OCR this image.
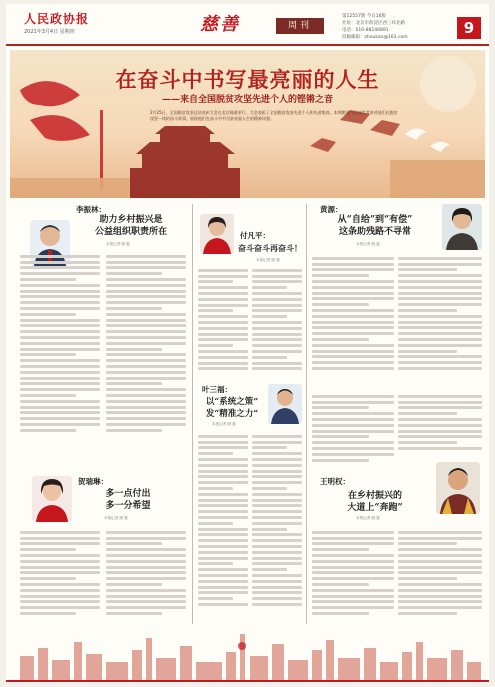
人民政协报
2021年3月4日 星期四	慈善	周刊
第12557期 今日16版
社址：北京市海淀区西三环北路
电话：010-88146891
投稿邮箱：zhoukan@163.com
9
在奋斗中书写最亮丽的人生
——来自全国脱贫攻坚先进个人的铿锵之音
2月25日，全国脱贫攻坚总结表彰大会在北京隆重举行。大会表彰了全国脱贫攻坚先进个人和先进集体。本期邀请几位获奖者讲述他们在脱贫攻坚一线的奋斗故事，展现他们在奋斗中书写最亮丽人生的精神风貌。
李振林：
助力乡村振兴是
公益组织职责所在
本报记者 顾 磊
付凡平：
奋斗奋斗再奋斗！
本报记者 顾 磊
黄源：
从“自给”到“有偿”
这条助残路不寻常
本报记者 顾 磊
叶三福：
以“系统之策”
发“精准之力”
本报记者 顾 磊
贺瑞琳：
多一点付出
多一分希望
本报记者 顾 磊
王明权：
在乡村振兴的
大道上“奔跑”
本报记者 顾 磊
